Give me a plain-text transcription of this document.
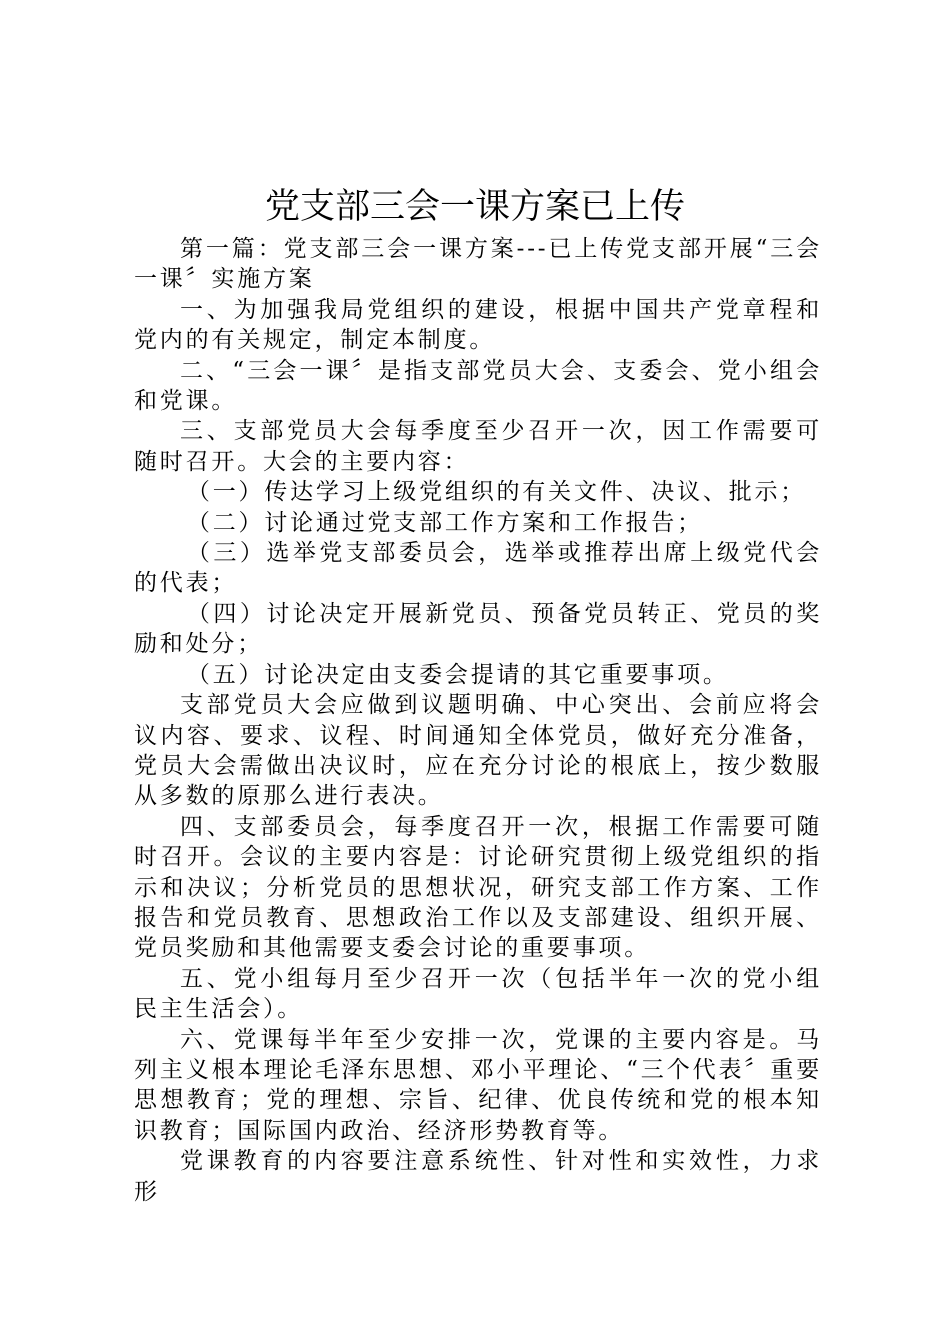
党支部三会一课方案已上传

第一篇：党支部三会一课方案---已上传党支部开展“三会一课〞实施方案

一、为加强我局党组织的建设，根据中国共产党章程和党内的有关规定，制定本制度。

二、“三会一课〞是指支部党员大会、支委会、党小组会和党课。

三、支部党员大会每季度至少召开一次，因工作需要可随时召开。大会的主要内容：

（一）传达学习上级党组织的有关文件、决议、批示；

（二）讨论通过党支部工作方案和工作报告；

（三）选举党支部委员会，选举或推荐出席上级党代会的代表；

（四）讨论决定开展新党员、预备党员转正、党员的奖励和处分；

（五）讨论决定由支委会提请的其它重要事项。

支部党员大会应做到议题明确、中心突出、会前应将会议内容、要求、议程、时间通知全体党员，做好充分准备，党员大会需做出决议时，应在充分讨论的根底上，按少数服从多数的原那么进行表决。

四、支部委员会，每季度召开一次，根据工作需要可随时召开。会议的主要内容是：讨论研究贯彻上级党组织的指示和决议；分析党员的思想状况，研究支部工作方案、工作报告和党员教育、思想政治工作以及支部建设、组织开展、党员奖励和其他需要支委会讨论的重要事项。

五、党小组每月至少召开一次（包括半年一次的党小组民主生活会）。

六、党课每半年至少安排一次，党课的主要内容是。马列主义根本理论毛泽东思想、邓小平理论、“三个代表〞重要思想教育；党的理想、宗旨、纪律、优良传统和党的根本知识教育；国际国内政治、经济形势教育等。

党课教育的内容要注意系统性、针对性和实效性，力求形
